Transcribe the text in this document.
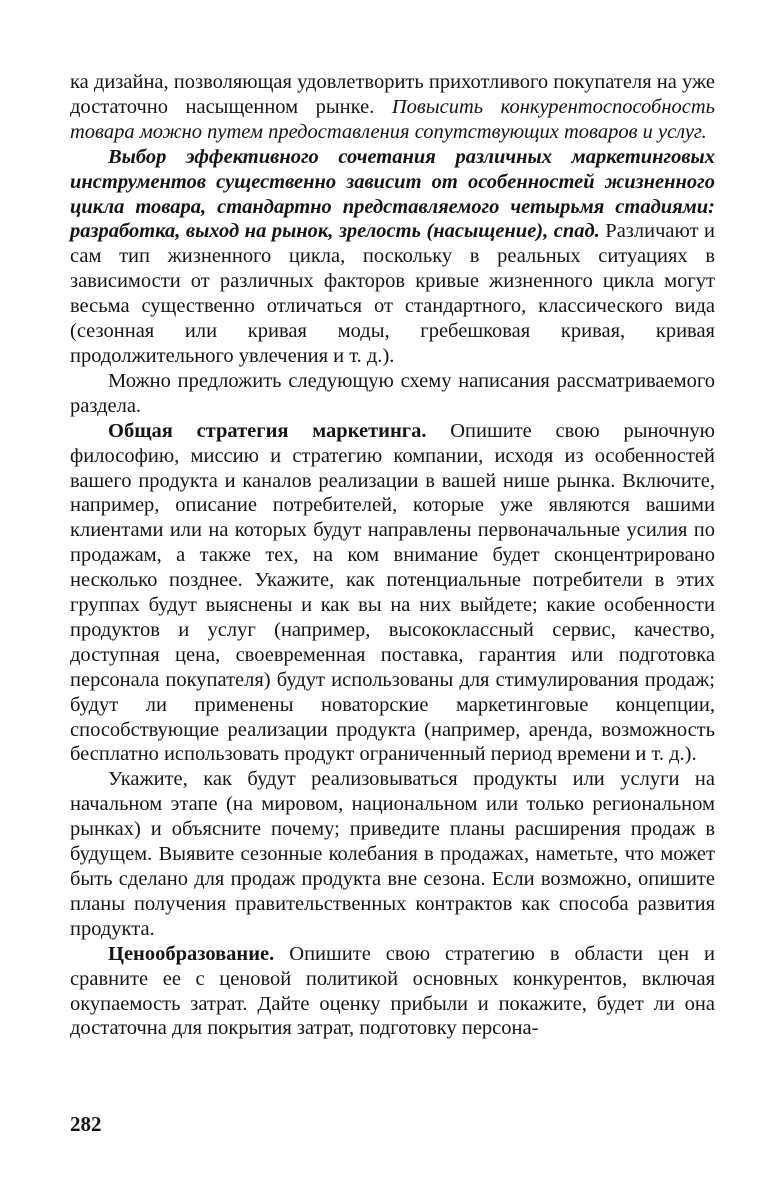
ка дизайна, позволяющая удовлетворить прихотливого покупателя на уже достаточно насыщенном рынке. Повысить конкурентоспособность товара можно путем предоставления сопутствующих товаров и услуг.

Выбор эффективного сочетания различных маркетинговых инструментов существенно зависит от особенностей жизненного цикла товара, стандартно представляемого четырьмя стадиями: разработка, выход на рынок, зрелость (насыщение), спад. Различают и сам тип жизненного цикла, поскольку в реальных ситуациях в зависимости от различных факторов кривые жизненного цикла могут весьма существенно отличаться от стандартного, классического вида (сезонная или кривая моды, гребешковая кривая, кривая продолжительного увлечения и т. д.).

Можно предложить следующую схему написания рассматриваемого раздела.

Общая стратегия маркетинга. Опишите свою рыночную философию, миссию и стратегию компании, исходя из особенностей вашего продукта и каналов реализации в вашей нише рынка. Включите, например, описание потребителей, которые уже являются вашими клиентами или на которых будут направлены первоначальные усилия по продажам, а также тех, на ком внимание будет сконцентрировано несколько позднее. Укажите, как потенциальные потребители в этих группах будут выяснены и как вы на них выйдете; какие особенности продуктов и услуг (например, высококлассный сервис, качество, доступная цена, своевременная поставка, гарантия или подготовка персонала покупателя) будут использованы для стимулирования продаж; будут ли применены новаторские маркетинговые концепции, способствующие реализации продукта (например, аренда, возможность бесплатно использовать продукт ограниченный период времени и т. д.).

Укажите, как будут реализовываться продукты или услуги на начальном этапе (на мировом, национальном или только региональном рынках) и объясните почему; приведите планы расширения продаж в будущем. Выявите сезонные колебания в продажах, наметьте, что может быть сделано для продаж продукта вне сезона. Если возможно, опишите планы получения правительственных контрактов как способа развития продукта.

Ценообразование. Опишите свою стратегию в области цен и сравните ее с ценовой политикой основных конкурентов, включая окупаемость затрат. Дайте оценку прибыли и покажите, будет ли она достаточна для покрытия затрат, подготовку персона-

282
